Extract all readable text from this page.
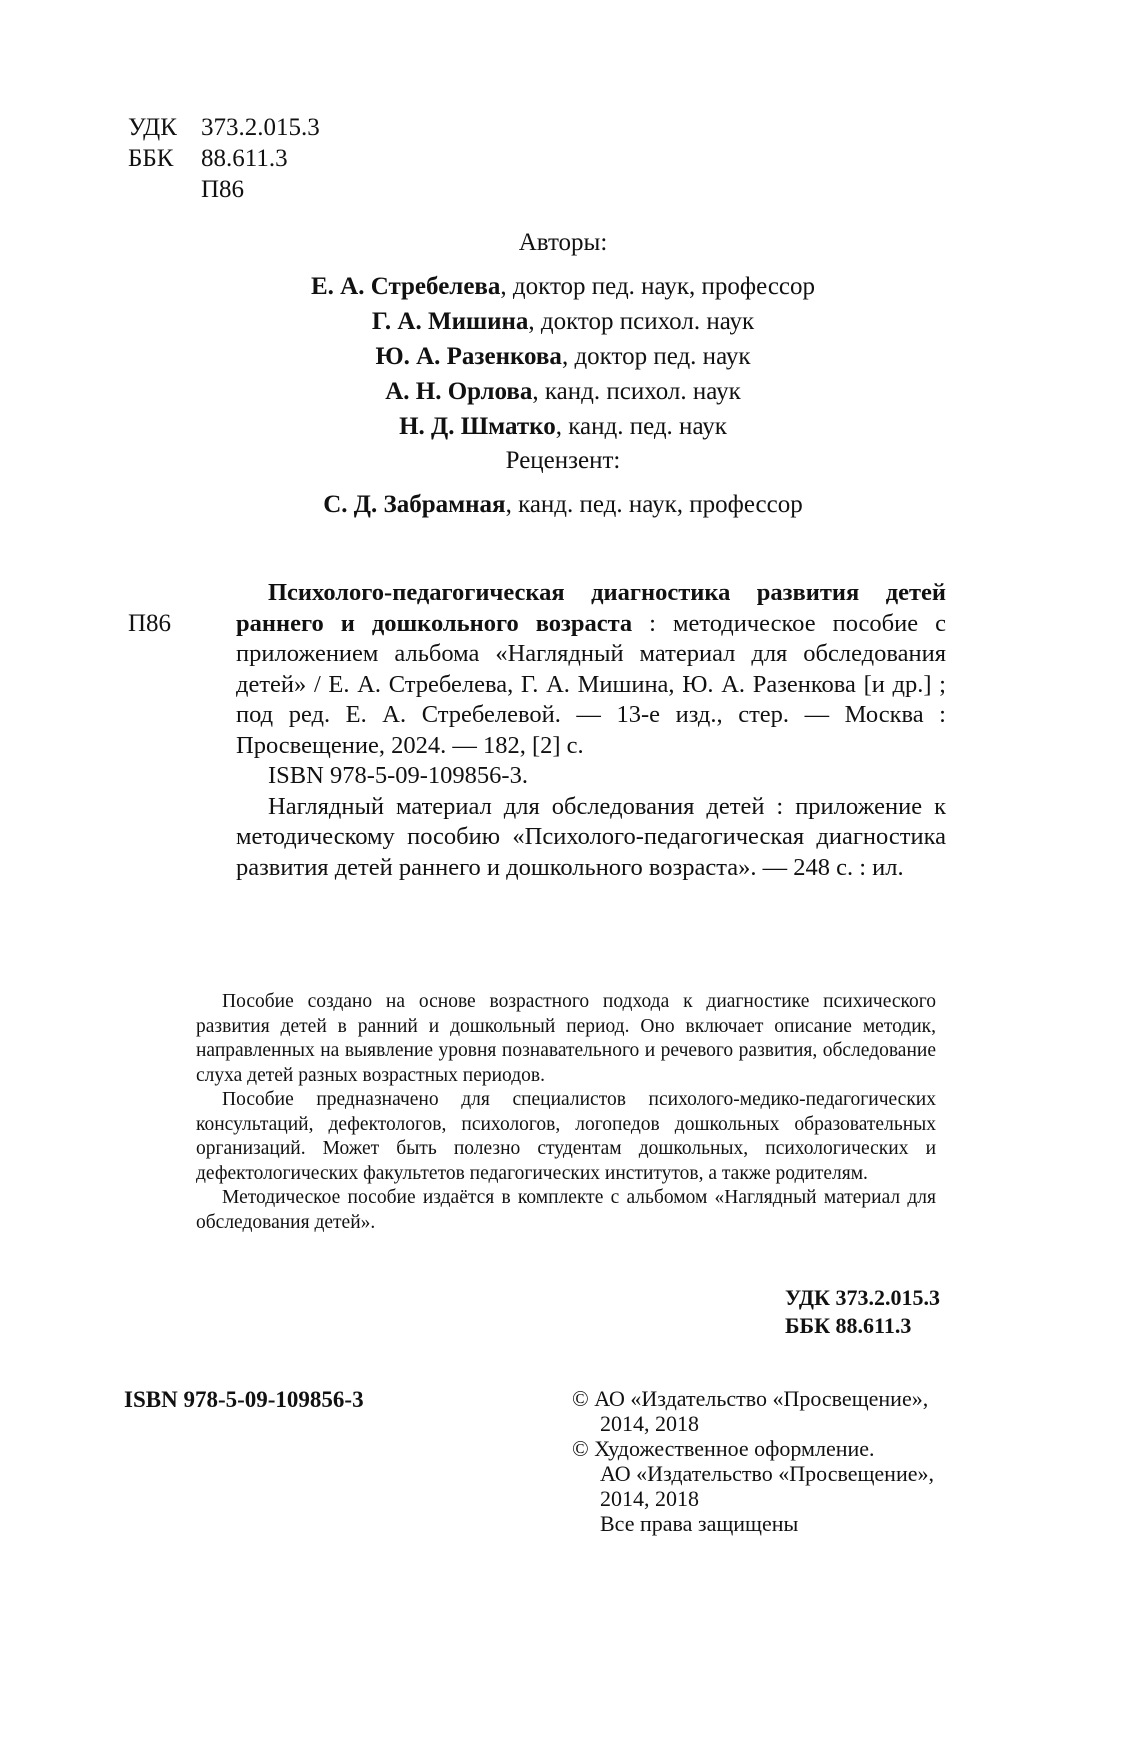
УДК 373.2.015.3
ББК 88.611.3
П86
Авторы:
Е. А. Стребелева, доктор пед. наук, профессор
Г. А. Мишина, доктор психол. наук
Ю. А. Разенкова, доктор пед. наук
А. Н. Орлова, канд. психол. наук
Н. Д. Шматко, канд. пед. наук
Рецензент:
С. Д. Забрамная, канд. пед. наук, профессор
П86

Психолого-педагогическая диагностика развития детей раннего и дошкольного возраста : методическое пособие с приложением альбома «Наглядный материал для обследования детей» / Е. А. Стребелева, Г. А. Мишина, Ю. А. Разенкова [и др.] ; под ред. Е. А. Стребелевой. — 13-е изд., стер. — Москва : Просвещение, 2024. — 182, [2] с.

ISBN 978-5-09-109856-3.

Наглядный материал для обследования детей : приложение к методическому пособию «Психолого-педагогическая диагностика развития детей раннего и дошкольного возраста». — 248 с. : ил.

Пособие создано на основе возрастного подхода к диагностике психического развития детей в ранний и дошкольный период. Оно включает описание методик, направленных на выявление уровня познавательного и речевого развития, обследование слуха детей разных возрастных периодов.

Пособие предназначено для специалистов психолого-медико-педагогических консультаций, дефектологов, психологов, логопедов дошкольных образовательных организаций. Может быть полезно студентам дошкольных, психологических и дефектологических факультетов педагогических институтов, а также родителям.

Методическое пособие издаётся в комплекте с альбомом «Наглядный материал для обследования детей».

УДК 373.2.015.3
ББК 88.611.3
ISBN 978-5-09-109856-3	© АО «Издательство «Просвещение»,
2014, 2018
© Художественное оформление.
АО «Издательство «Просвещение»,
2014, 2018
Все права защищены
